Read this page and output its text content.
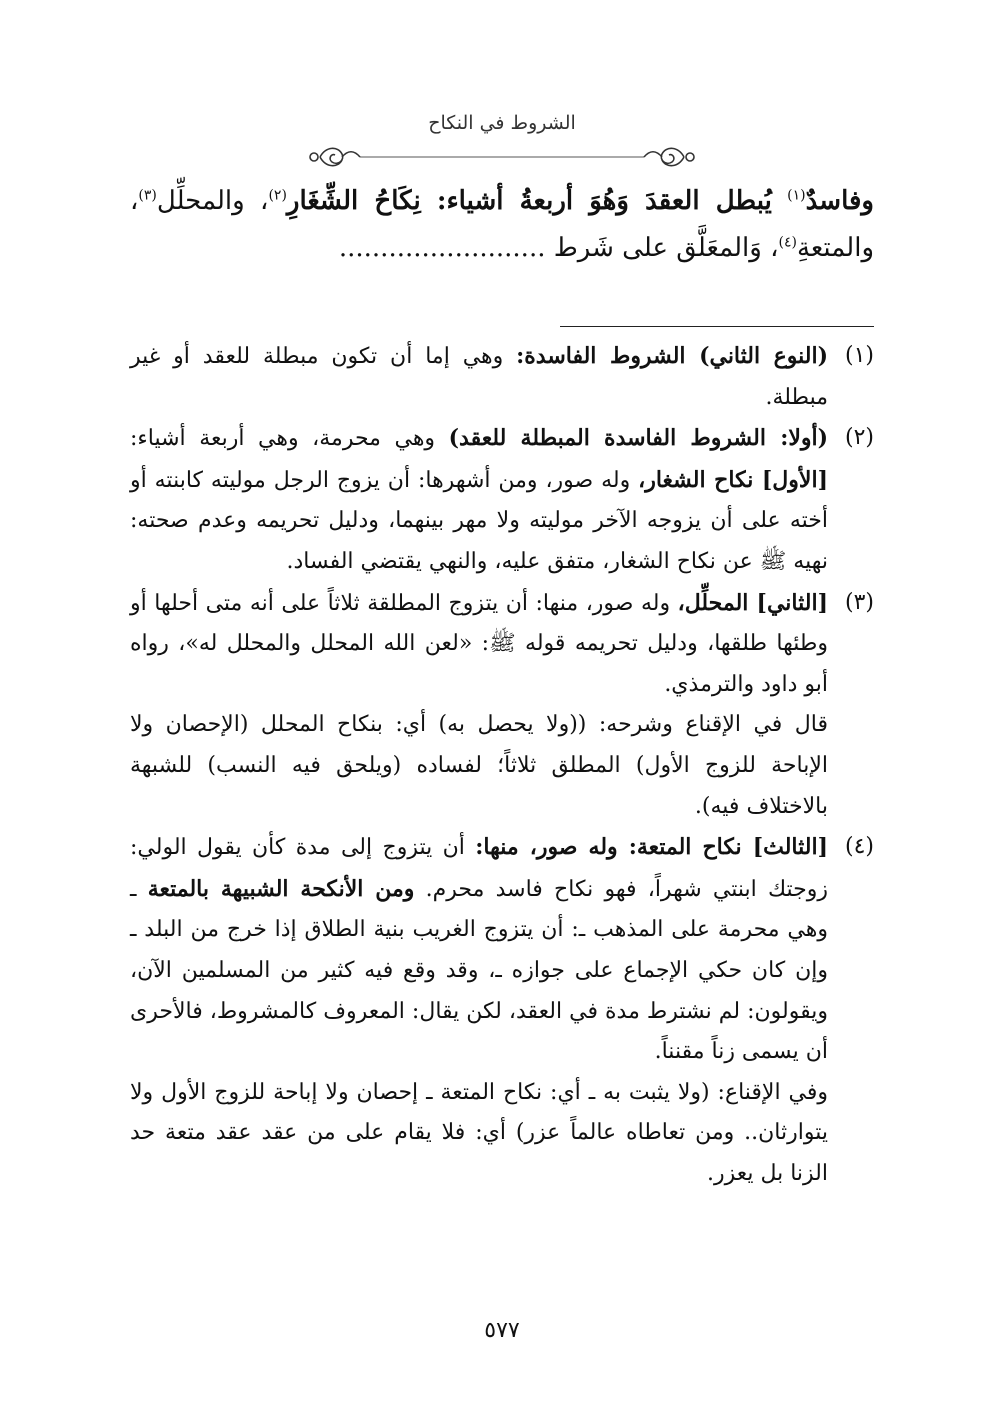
الشروط في النكاح
وفاسدٌ$^{(١)}$ يُبطل العقدَ وَهُوَ أربعةُ أشياء: نِكَاحُ الشِّغَارِ$^{(٢)}$، والمحلِّل$^{(٣)}$، والمتعةِ$^{(٤)}$، وَالمعَلَّق على شَرط .........................
(١)

(النوع الثاني) الشروط الفاسدة: وهي إما أن تكون مبطلة للعقد أو غير مبطلة.

(٢)

(أولا: الشروط الفاسدة المبطلة للعقد) وهي محرمة، وهي أربعة أشياء: [الأول] نكاح الشغار، وله صور، ومن أشهرها: أن يزوج الرجل موليته كابنته أو أخته على أن يزوجه الآخر موليته ولا مهر بينهما، ودليل تحريمه وعدم صحته: نهيه ﷺ عن نكاح الشغار، متفق عليه، والنهي يقتضي الفساد.

(٣)

[الثاني] المحلِّل، وله صور، منها: أن يتزوج المطلقة ثلاثاً على أنه متى أحلها أو وطئها طلقها، ودليل تحريمه قوله ﷺ: «لعن الله المحلل والمحلل له»، رواه أبو داود والترمذي.

قال في الإقناع وشرحه: ((ولا يحصل به) أي: بنكاح المحلل (الإحصان ولا الإباحة للزوج الأول) المطلق ثلاثاً؛ لفساده (ويلحق فيه النسب) للشبهة بالاختلاف فيه).

(٤)

[الثالث] نكاح المتعة: وله صور، منها: أن يتزوج إلى مدة كأن يقول الولي: زوجتك ابنتي شهراً، فهو نكاح فاسد محرم. ومن الأنكحة الشبيهة بالمتعة ـ وهي محرمة على المذهب ـ: أن يتزوج الغريب بنية الطلاق إذا خرج من البلد ـ وإن كان حكي الإجماع على جوازه ـ، وقد وقع فيه كثير من المسلمين الآن، ويقولون: لم نشترط مدة في العقد، لكن يقال: المعروف كالمشروط، فالأحرى أن يسمى زناً مقنناً.

وفي الإقناع: (ولا يثبت به ـ أي: نكاح المتعة ـ إحصان ولا إباحة للزوج الأول ولا يتوارثان.. ومن تعاطاه عالماً عزر) أي: فلا يقام على من عقد عقد متعة حد الزنا بل يعزر.

٥٧٧
